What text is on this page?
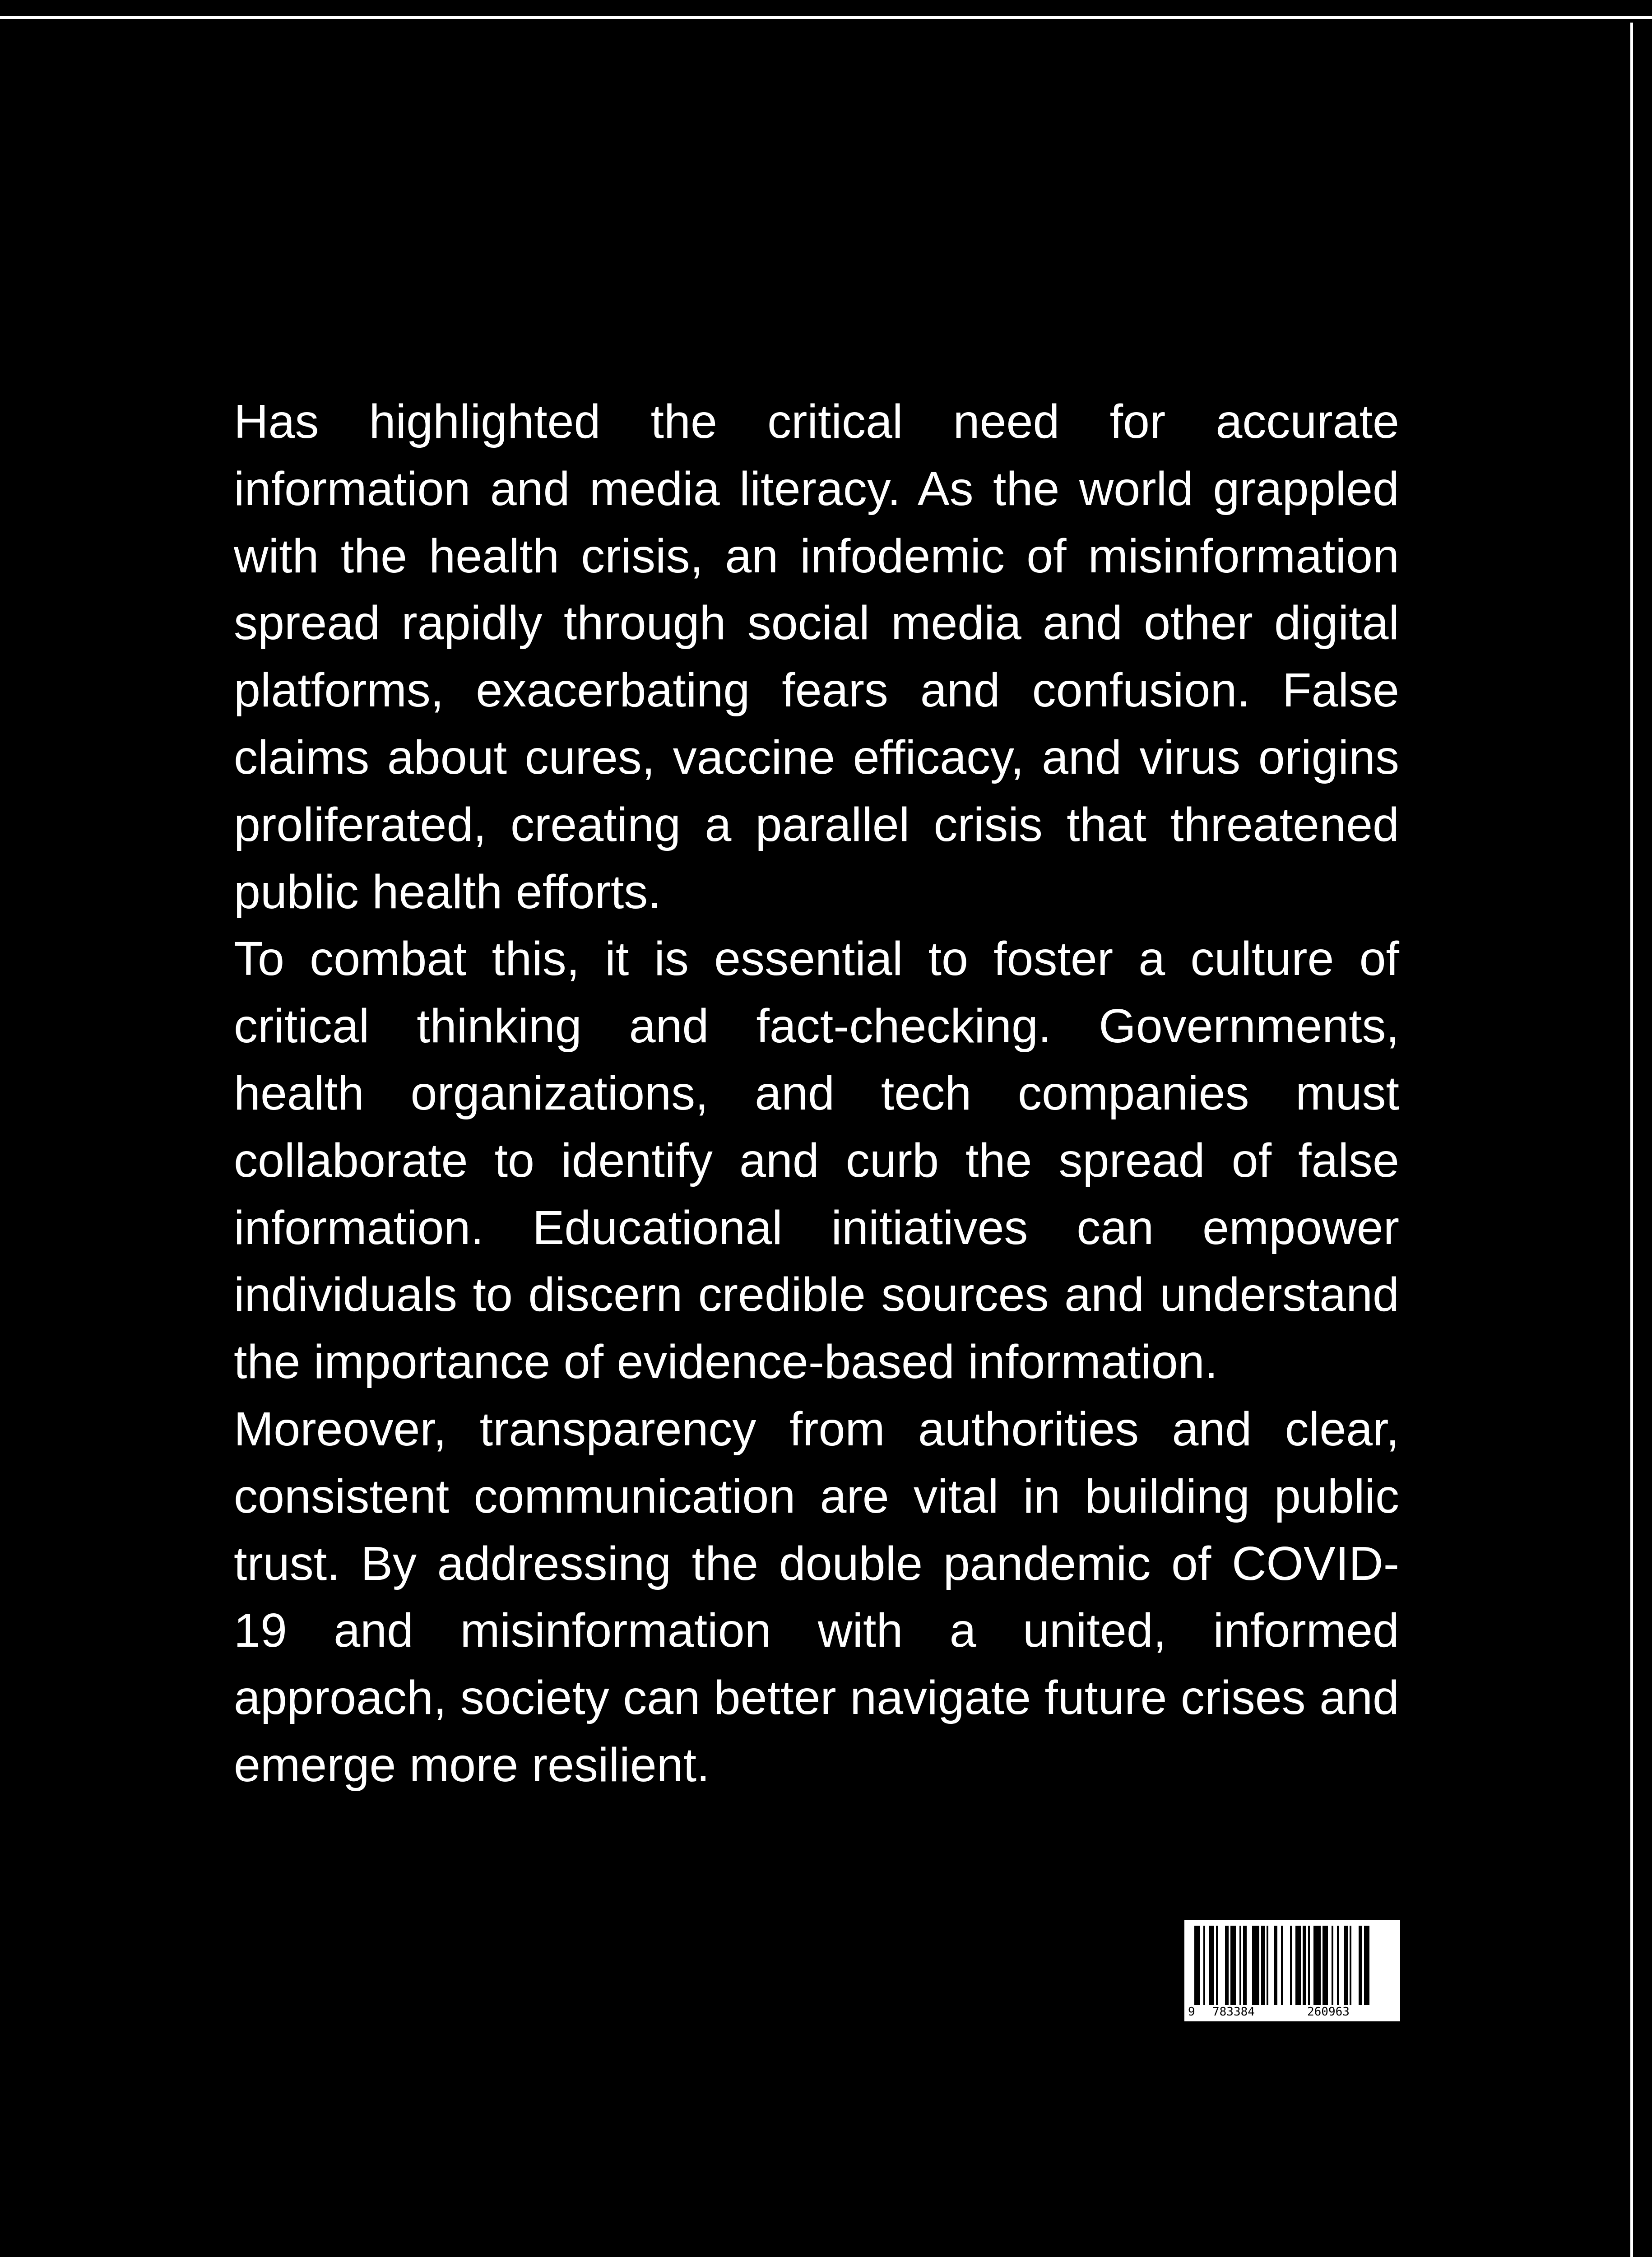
Has highlighted the critical need for accurate information and media literacy. As the world grappled with the health crisis, an infodemic of misinformation spread rapidly through social media and other digital platforms, exacerbating fears and confusion. False claims about cures, vaccine efficacy, and virus origins proliferated, creating a parallel crisis that threatened public health efforts.

To combat this, it is essential to foster a culture of critical thinking and fact-checking. Governments, health organizations, and tech companies must collaborate to identify and curb the spread of false information. Educational initiatives can empower individuals to discern credible sources and understand the importance of evidence-based information.

Moreover, transparency from authorities and clear, consistent communication are vital in building public trust. By addressing the double pandemic of COVID-19 and misinformation with a united, informed approach, society can better navigate future crises and emerge more resilient.

9 783384	260963
